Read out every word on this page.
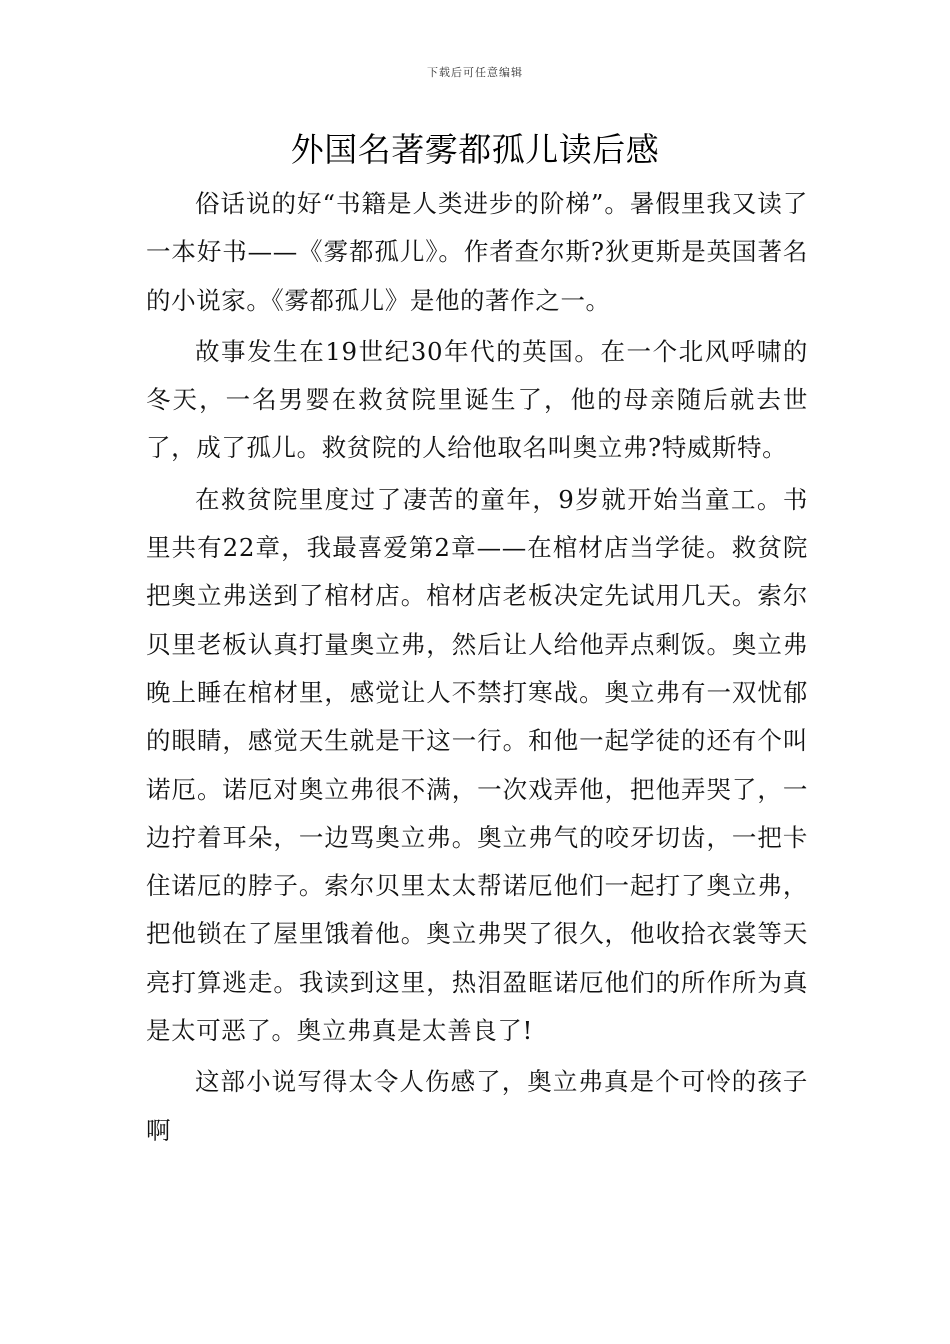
下载后可任意编辑
外国名著雾都孤儿读后感

俗话说的好“书籍是人类进步的阶梯”。暑假里我又读了一本好书——《雾都孤儿》。作者查尔斯?狄更斯是英国著名的小说家。《雾都孤儿》是他的著作之一。

故事发生在19世纪30年代的英国。在一个北风呼啸的冬天，一名男婴在救贫院里诞生了，他的母亲随后就去世了，成了孤儿。救贫院的人给他取名叫奥立弗?特威斯特。

在救贫院里度过了凄苦的童年，9岁就开始当童工。书里共有22章，我最喜爱第2章——在棺材店当学徒。救贫院把奥立弗送到了棺材店。棺材店老板决定先试用几天。索尔贝里老板认真打量奥立弗，然后让人给他弄点剩饭。奥立弗晚上睡在棺材里，感觉让人不禁打寒战。奥立弗有一双忧郁的眼睛，感觉天生就是干这一行。和他一起学徒的还有个叫诺厄。诺厄对奥立弗很不满，一次戏弄他，把他弄哭了，一边拧着耳朵，一边骂奥立弗。奥立弗气的咬牙切齿，一把卡住诺厄的脖子。索尔贝里太太帮诺厄他们一起打了奥立弗，把他锁在了屋里饿着他。奥立弗哭了很久，他收拾衣裳等天亮打算逃走。我读到这里，热泪盈眶诺厄他们的所作所为真是太可恶了。奥立弗真是太善良了!

这部小说写得太令人伤感了，奥立弗真是个可怜的孩子啊
